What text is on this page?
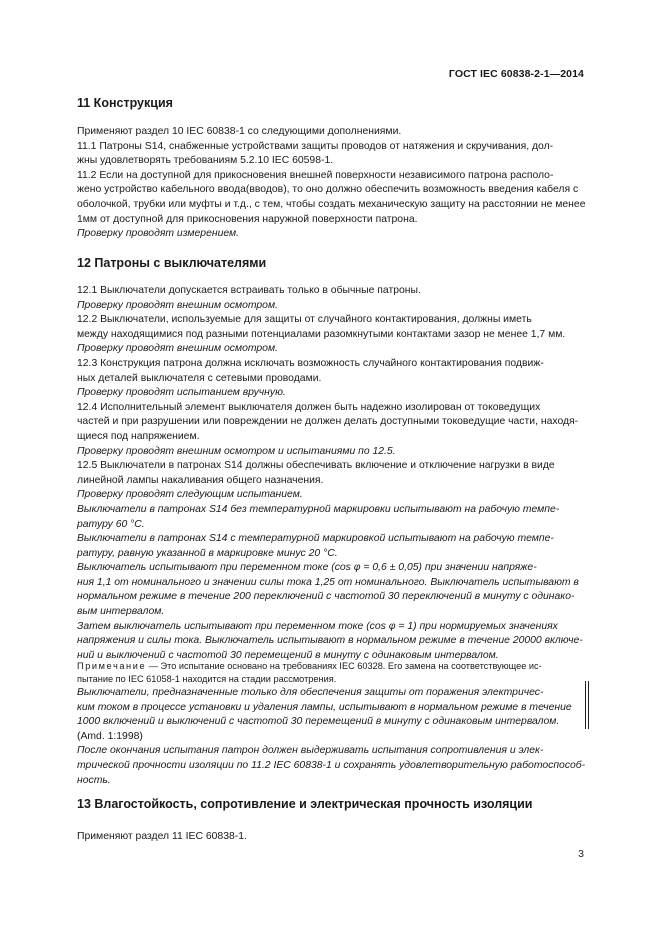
ГОСТ IEC 60838-2-1—2014
11 Конструкция
Применяют раздел 10 IEC 60838-1 со следующими дополнениями.
11.1 Патроны S14, снабженные устройствами защиты проводов от натяжения и скручивания, дол-
жны удовлетворять требованиям 5.2.10 IEC 60598-1.
11.2 Если на доступной для прикосновения внешней поверхности независимого патрона располо-
жено устройство кабельного ввода(вводов), то оно должно обеспечить возможность введения кабеля с
оболочкой, трубки или муфты и т.д., с тем, чтобы создать механическую защиту на расстоянии не менее
1мм от доступной для прикосновения наружной поверхности патрона.
Проверку проводят измерением.
12 Патроны с выключателями
12.1 Выключатели допускается встраивать только в обычные патроны.
Проверку проводят внешним осмотром.
12.2 Выключатели, используемые для защиты от случайного контактирования, должны иметь
между находящимися под разными потенциалами разомкнутыми контактами зазор не менее 1,7 мм.
Проверку проводят внешним осмотром.
12.3 Конструкция патрона должна исключать возможность случайного контактирования подвиж-
ных деталей выключателя с сетевыми проводами.
Проверку проводят испытанием вручную.
12.4 Исполнительный элемент выключателя должен быть надежно изолирован от токоведущих
частей и при разрушении или повреждении не должен делать доступными токоведущие части, находя-
щиеся под напряжением.
Проверку проводят внешним осмотром и испытаниями по 12.5.
12.5 Выключатели в патронах S14 должны обеспечивать включение и отключение нагрузки в виде
линейной лампы накаливания общего назначения.
Проверку проводят следующим испытанием.
Выключатели в патронах S14 без температурной маркировки испытывают на рабочую темпе-
ратуру 60 °С.
Выключатели в патронах S14 с температурной маркировкой испытывают на рабочую темпе-
ратуру, равную указанной в маркировке минус 20 °С.
Выключатель испытывают при переменном токе (cos φ = 0,6 ± 0,05) при значении напряже-
ния 1,1 от номинального и значении силы тока 1,25 от номинального. Выключатель испытывают в
нормальном режиме в течение 200 переключений с частотой 30 переключений в минуту с одинако-
вым интервалом.
Затем выключатель испытывают при переменном токе (cos φ = 1) при нормируемых значениях
напряжения и силы тока. Выключатель испытывают в нормальном режиме в течение 20000 включе-
ний и выключений с частотой 30 перемещений в минуту с одинаковым интервалом.
Примечание — Это испытание основано на требованиях IEC 60328. Его замена на соответствующее ис-
пытание по IEC 61058-1 находится на стадии рассмотрения.
Выключатели, предназначенные только для обеспечения защиты от поражения электричес-
ким током в процессе установки и удаления лампы, испытывают в нормальном режиме в течение
1000 включений и выключений с частотой 30 перемещений в минуту с одинаковым интервалом.
(Amd. 1:1998)
После окончания испытания патрон должен выдерживать испытания сопротивления и элек-
трической прочности изоляции по 11.2 IEC 60838-1 и сохранять удовлетворительную работоспособ-
ность.
13 Влагостойкость, сопротивление и электрическая прочность изоляции
Применяют раздел 11 IEC 60838-1.
3
